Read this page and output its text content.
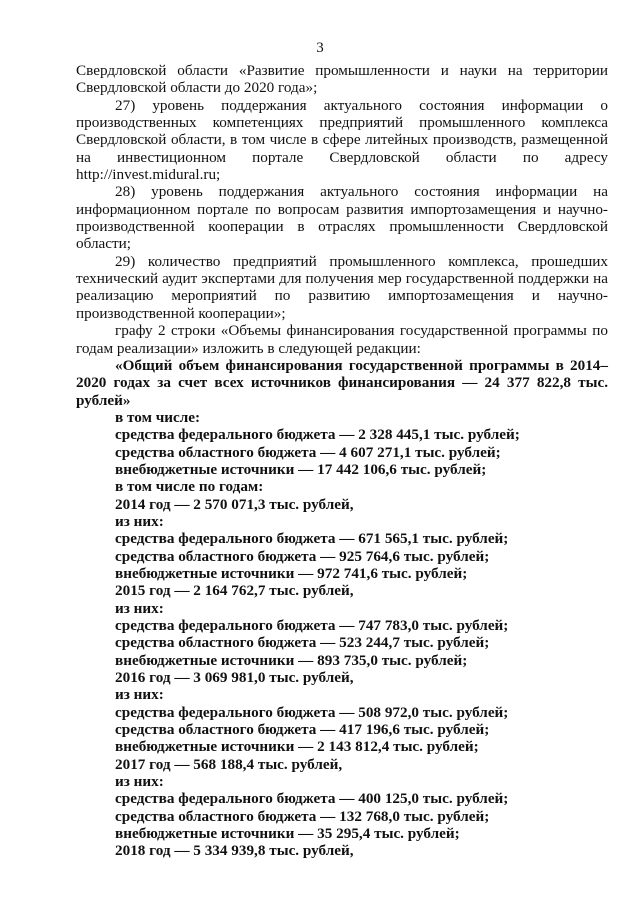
3

Свердловской области «Развитие промышленности и науки на территории Свердловской области до 2020 года»;

27) уровень поддержания актуального состояния информации о производственных компетенциях предприятий промышленного комплекса Свердловской области, в том числе в сфере литейных производств, размещенной на инвестиционном портале Свердловской области по адресу http://invest.midural.ru;

28) уровень поддержания актуального состояния информации на информационном портале по вопросам развития импортозамещения и научно-производственной кооперации в отраслях промышленности Свердловской области;

29) количество предприятий промышленного комплекса, прошедших технический аудит экспертами для получения мер государственной поддержки на реализацию мероприятий по развитию импортозамещения и научно-производственной кооперации»;

графу 2 строки «Объемы финансирования государственной программы по годам реализации» изложить в следующей редакции:

«Общий объем финансирования государственной программы в 2014–2020 годах за счет всех источников финансирования — 24 377 822,8 тыс. рублей»

в том числе:
средства федерального бюджета — 2 328 445,1 тыс. рублей;
средства областного бюджета — 4 607 271,1 тыс. рублей;
внебюджетные источники — 17 442 106,6 тыс. рублей;
в том числе по годам:
2014 год — 2 570 071,3 тыс. рублей,
из них:
средства федерального бюджета — 671 565,1 тыс. рублей;
средства областного бюджета — 925 764,6 тыс. рублей;
внебюджетные источники — 972 741,6 тыс. рублей;
2015 год — 2 164 762,7 тыс. рублей,
из них:
средства федерального бюджета — 747 783,0 тыс. рублей;
средства областного бюджета — 523 244,7 тыс. рублей;
внебюджетные источники — 893 735,0 тыс. рублей;
2016 год — 3 069 981,0 тыс. рублей,
из них:
средства федерального бюджета — 508 972,0 тыс. рублей;
средства областного бюджета — 417 196,6 тыс. рублей;
внебюджетные источники — 2 143 812,4 тыс. рублей;
2017 год — 568 188,4 тыс. рублей,
из них:
средства федерального бюджета — 400 125,0 тыс. рублей;
средства областного бюджета — 132 768,0 тыс. рублей;
внебюджетные источники — 35 295,4 тыс. рублей;
2018 год — 5 334 939,8 тыс. рублей,
